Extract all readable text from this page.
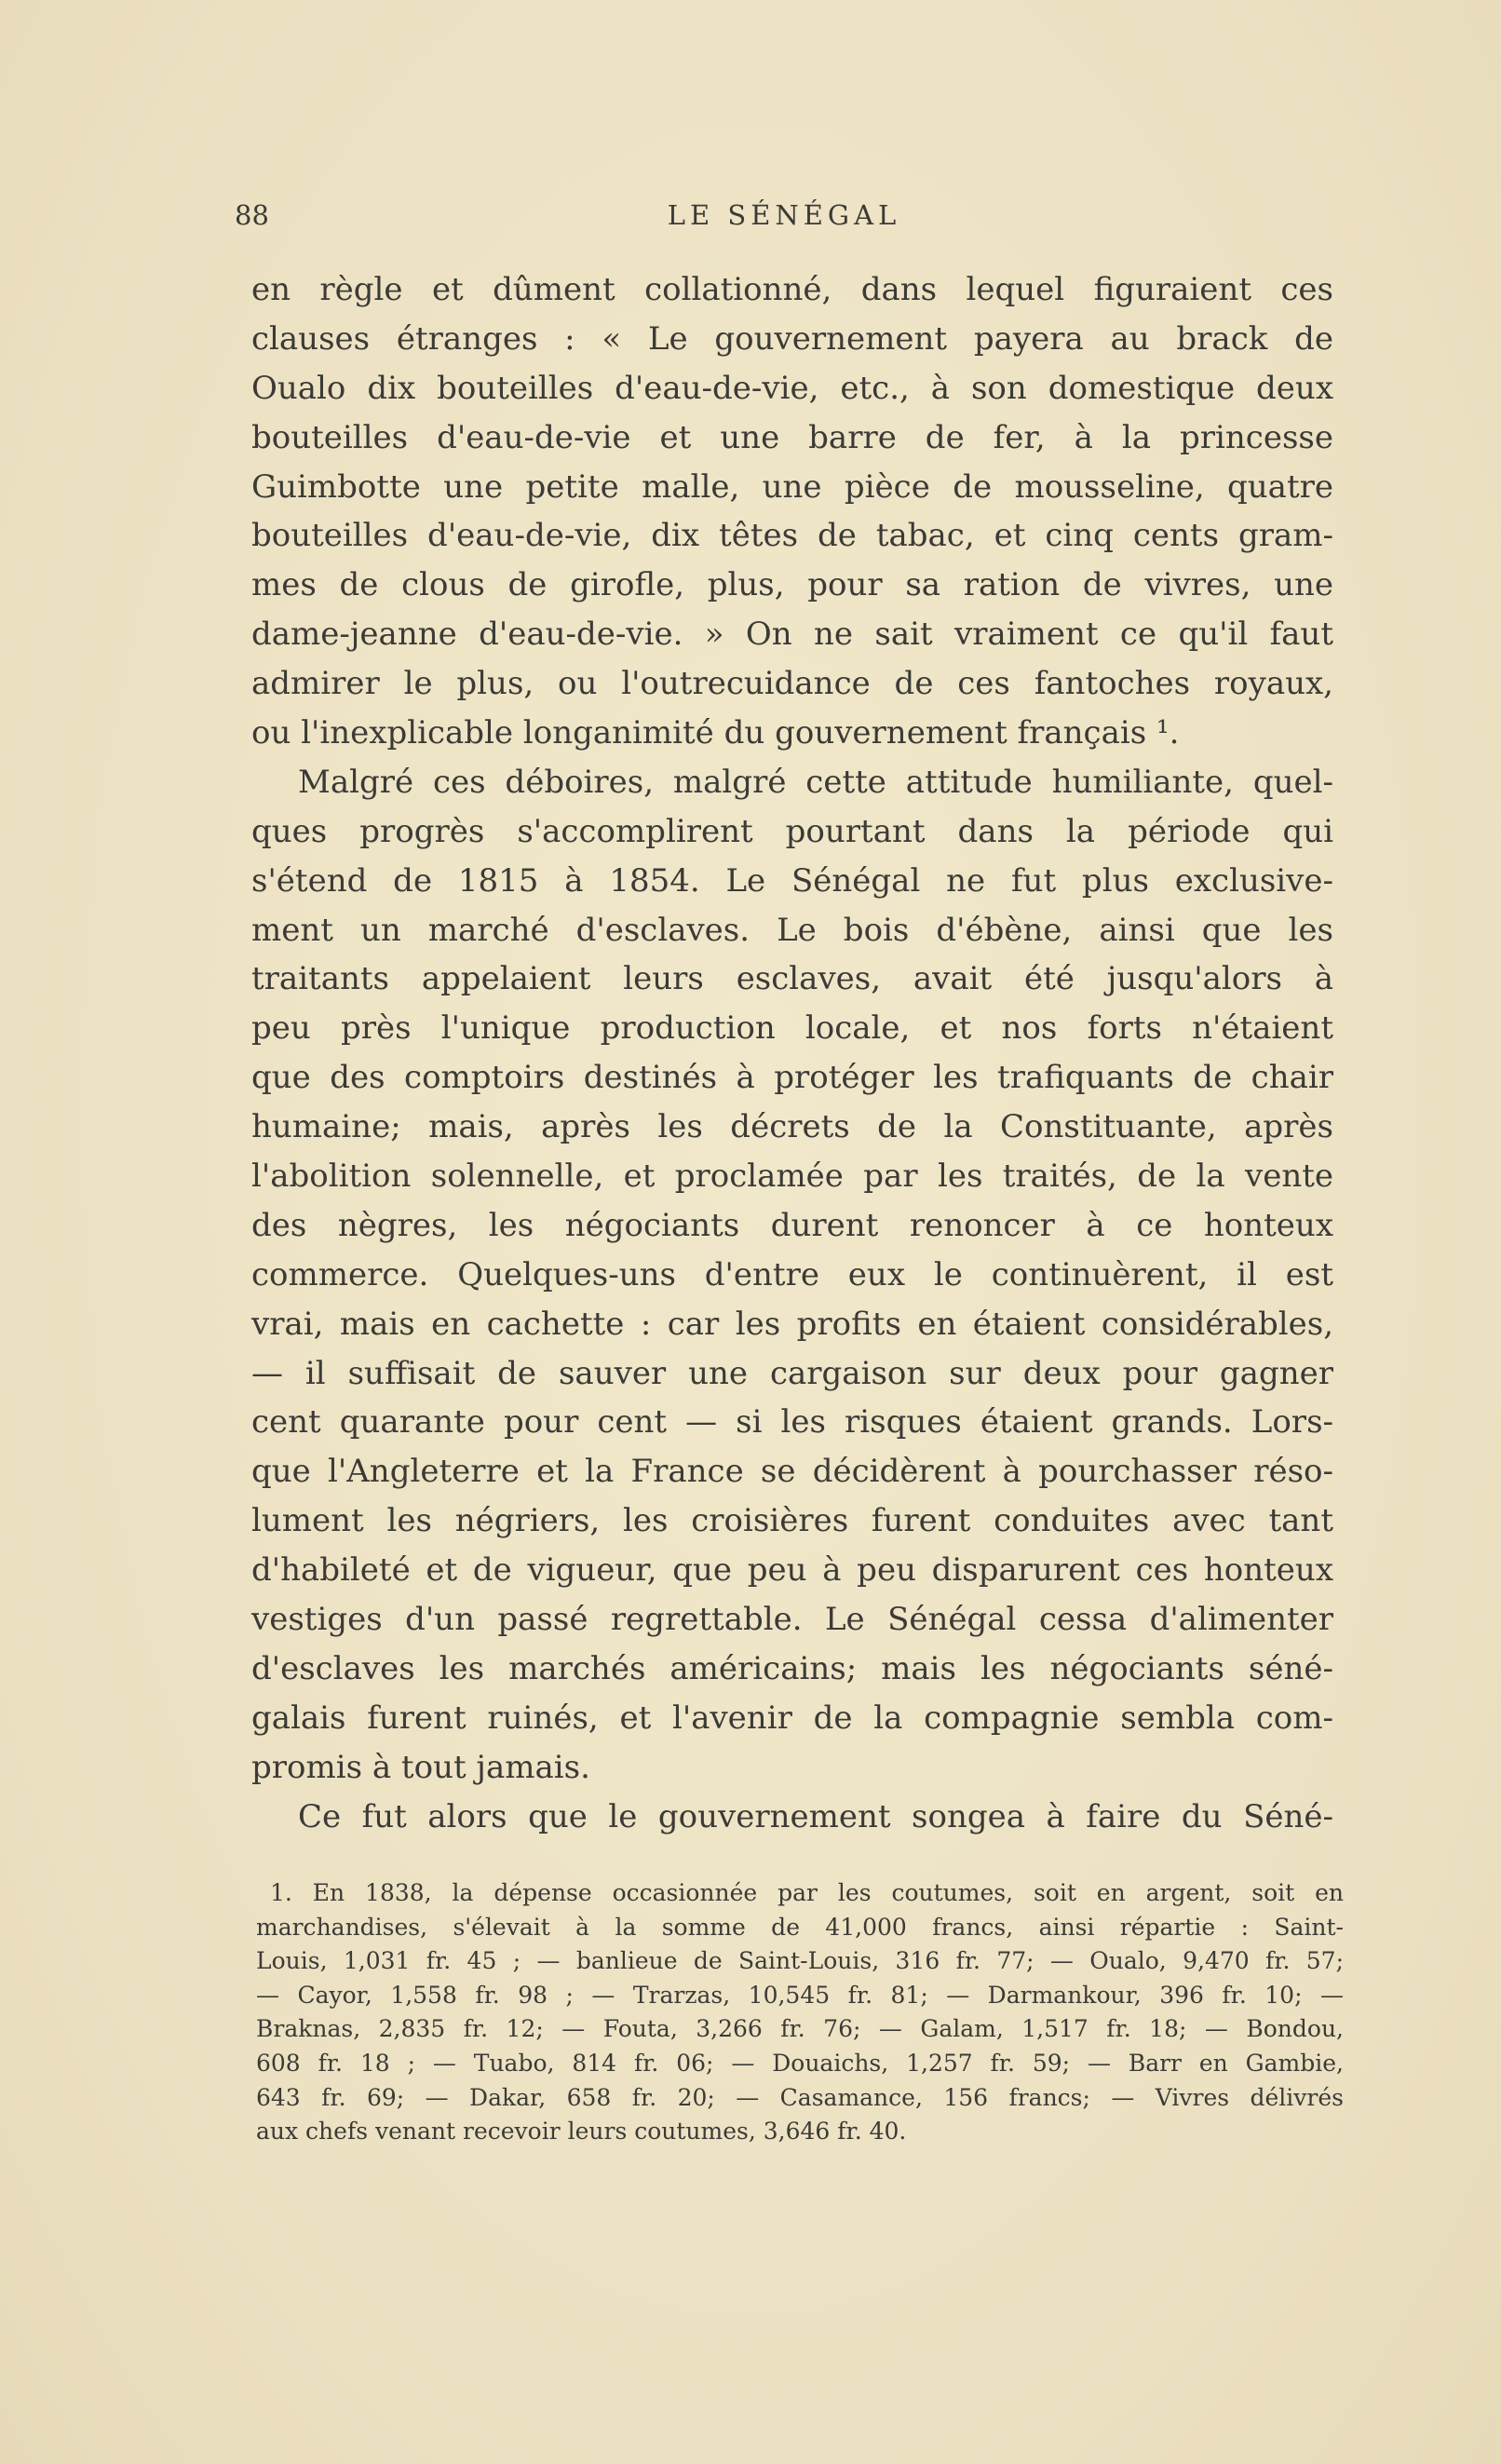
88	LE SÉNÉGAL
en règle et dûment collationné, dans lequel figuraient ces
clauses étranges : « Le gouvernement payera au brack de
Oualo dix bouteilles d'eau-de-vie, etc., à son domestique deux
bouteilles d'eau-de-vie et une barre de fer, à la princesse
Guimbotte une petite malle, une pièce de mousseline, quatre
bouteilles d'eau-de-vie, dix têtes de tabac, et cinq cents gram-
mes de clous de girofle, plus, pour sa ration de vivres, une
dame-jeanne d'eau-de-vie. » On ne sait vraiment ce qu'il faut
admirer le plus, ou l'outrecuidance de ces fantoches royaux,
ou l'inexplicable longanimité du gouvernement français ¹.
Malgré ces déboires, malgré cette attitude humiliante, quel-
ques progrès s'accomplirent pourtant dans la période qui
s'étend de 1815 à 1854. Le Sénégal ne fut plus exclusive-
ment un marché d'esclaves. Le bois d'ébène, ainsi que les
traitants appelaient leurs esclaves, avait été jusqu'alors à
peu près l'unique production locale, et nos forts n'étaient
que des comptoirs destinés à protéger les trafiquants de chair
humaine; mais, après les décrets de la Constituante, après
l'abolition solennelle, et proclamée par les traités, de la vente
des nègres, les négociants durent renoncer à ce honteux
commerce. Quelques-uns d'entre eux le continuèrent, il est
vrai, mais en cachette : car les profits en étaient considérables,
— il suffisait de sauver une cargaison sur deux pour gagner
cent quarante pour cent — si les risques étaient grands. Lors-
que l'Angleterre et la France se décidèrent à pourchasser réso-
lument les négriers, les croisières furent conduites avec tant
d'habileté et de vigueur, que peu à peu disparurent ces honteux
vestiges d'un passé regrettable. Le Sénégal cessa d'alimenter
d'esclaves les marchés américains; mais les négociants séné-
galais furent ruinés, et l'avenir de la compagnie sembla com-
promis à tout jamais.
Ce fut alors que le gouvernement songea à faire du Séné-
1. En 1838, la dépense occasionnée par les coutumes, soit en argent, soit en
marchandises, s'élevait à la somme de 41,000 francs, ainsi répartie : Saint-
Louis, 1,031 fr. 45 ; — banlieue de Saint-Louis, 316 fr. 77; — Oualo, 9,470 fr. 57;
— Cayor, 1,558 fr. 98 ; — Trarzas, 10,545 fr. 81; — Darmankour, 396 fr. 10; —
Braknas, 2,835 fr. 12; — Fouta, 3,266 fr. 76; — Galam, 1,517 fr. 18; — Bondou,
608 fr. 18 ; — Tuabo, 814 fr. 06; — Douaichs, 1,257 fr. 59; — Barr en Gambie,
643 fr. 69; — Dakar, 658 fr. 20; — Casamance, 156 francs; — Vivres délivrés
aux chefs venant recevoir leurs coutumes, 3,646 fr. 40.
